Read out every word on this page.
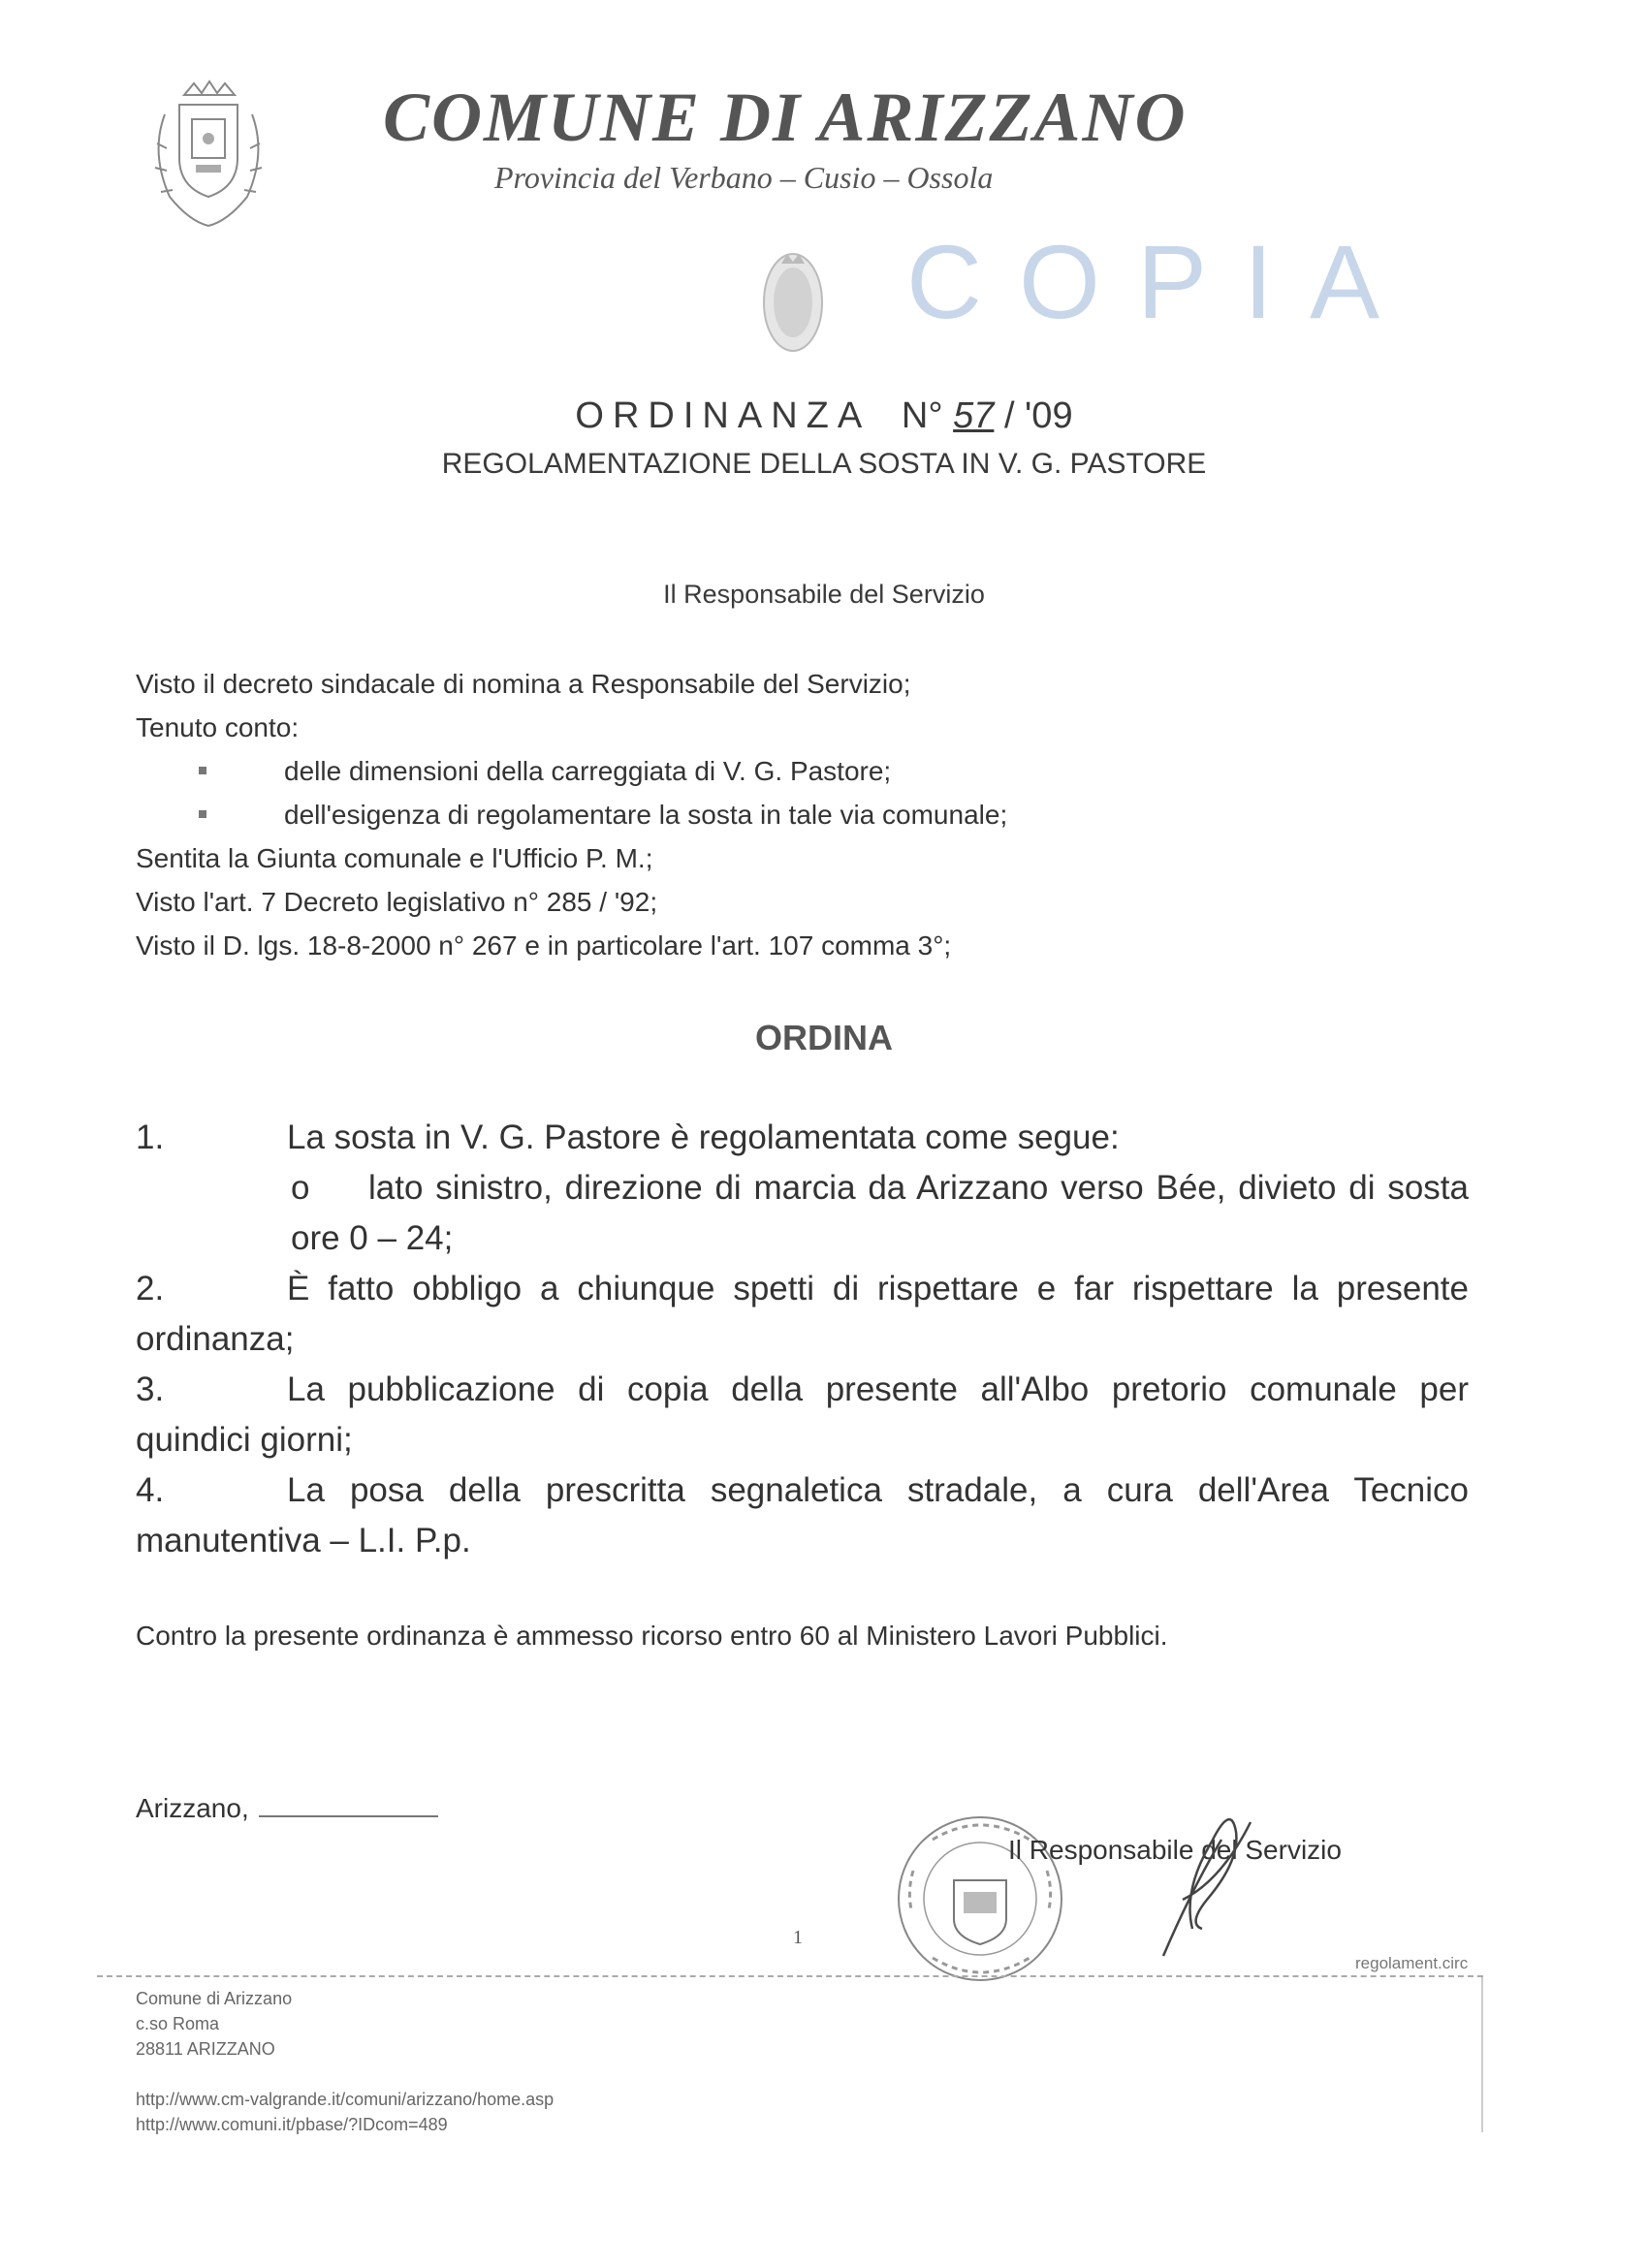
COMUNE DI ARIZZANO
Provincia del Verbano – Cusio – Ossola
COPIA
ORDINANZA N° 57 / '09
REGOLAMENTAZIONE DELLA SOSTA IN V. G. PASTORE
Il Responsabile del Servizio
Visto il decreto sindacale di nomina a Responsabile del Servizio;
Tenuto conto:
delle dimensioni della carreggiata di V. G. Pastore;
dell'esigenza di regolamentare la sosta in tale via comunale;
Sentita la Giunta comunale e l'Ufficio P. M.;
Visto l'art. 7 Decreto legislativo n° 285 / '92;
Visto il D. lgs. 18-8-2000 n° 267 e in particolare l'art. 107 comma 3°;
ORDINA
1.	La sosta in V. G. Pastore è regolamentata come segue:
o lato sinistro, direzione di marcia da Arizzano verso Bée, divieto di sosta ore 0 – 24;
2.	È fatto obbligo a chiunque spetti di rispettare e far rispettare la presente ordinanza;
3.	La pubblicazione di copia della presente all'Albo pretorio comunale per quindici giorni;
4.	La posa della prescritta segnaletica stradale, a cura dell'Area Tecnico manutentiva – L.I. P.p.
Contro la presente ordinanza è ammesso ricorso entro 60 al Ministero Lavori Pubblici.
Arizzano,
Il Responsabile del Servizio
1
regolament.circ
Comune di Arizzano
c.so Roma
28811 ARIZZANO
http://www.cm-valgrande.it/comuni/arizzano/home.asp
http://www.comuni.it/pbase/?IDcom=489
